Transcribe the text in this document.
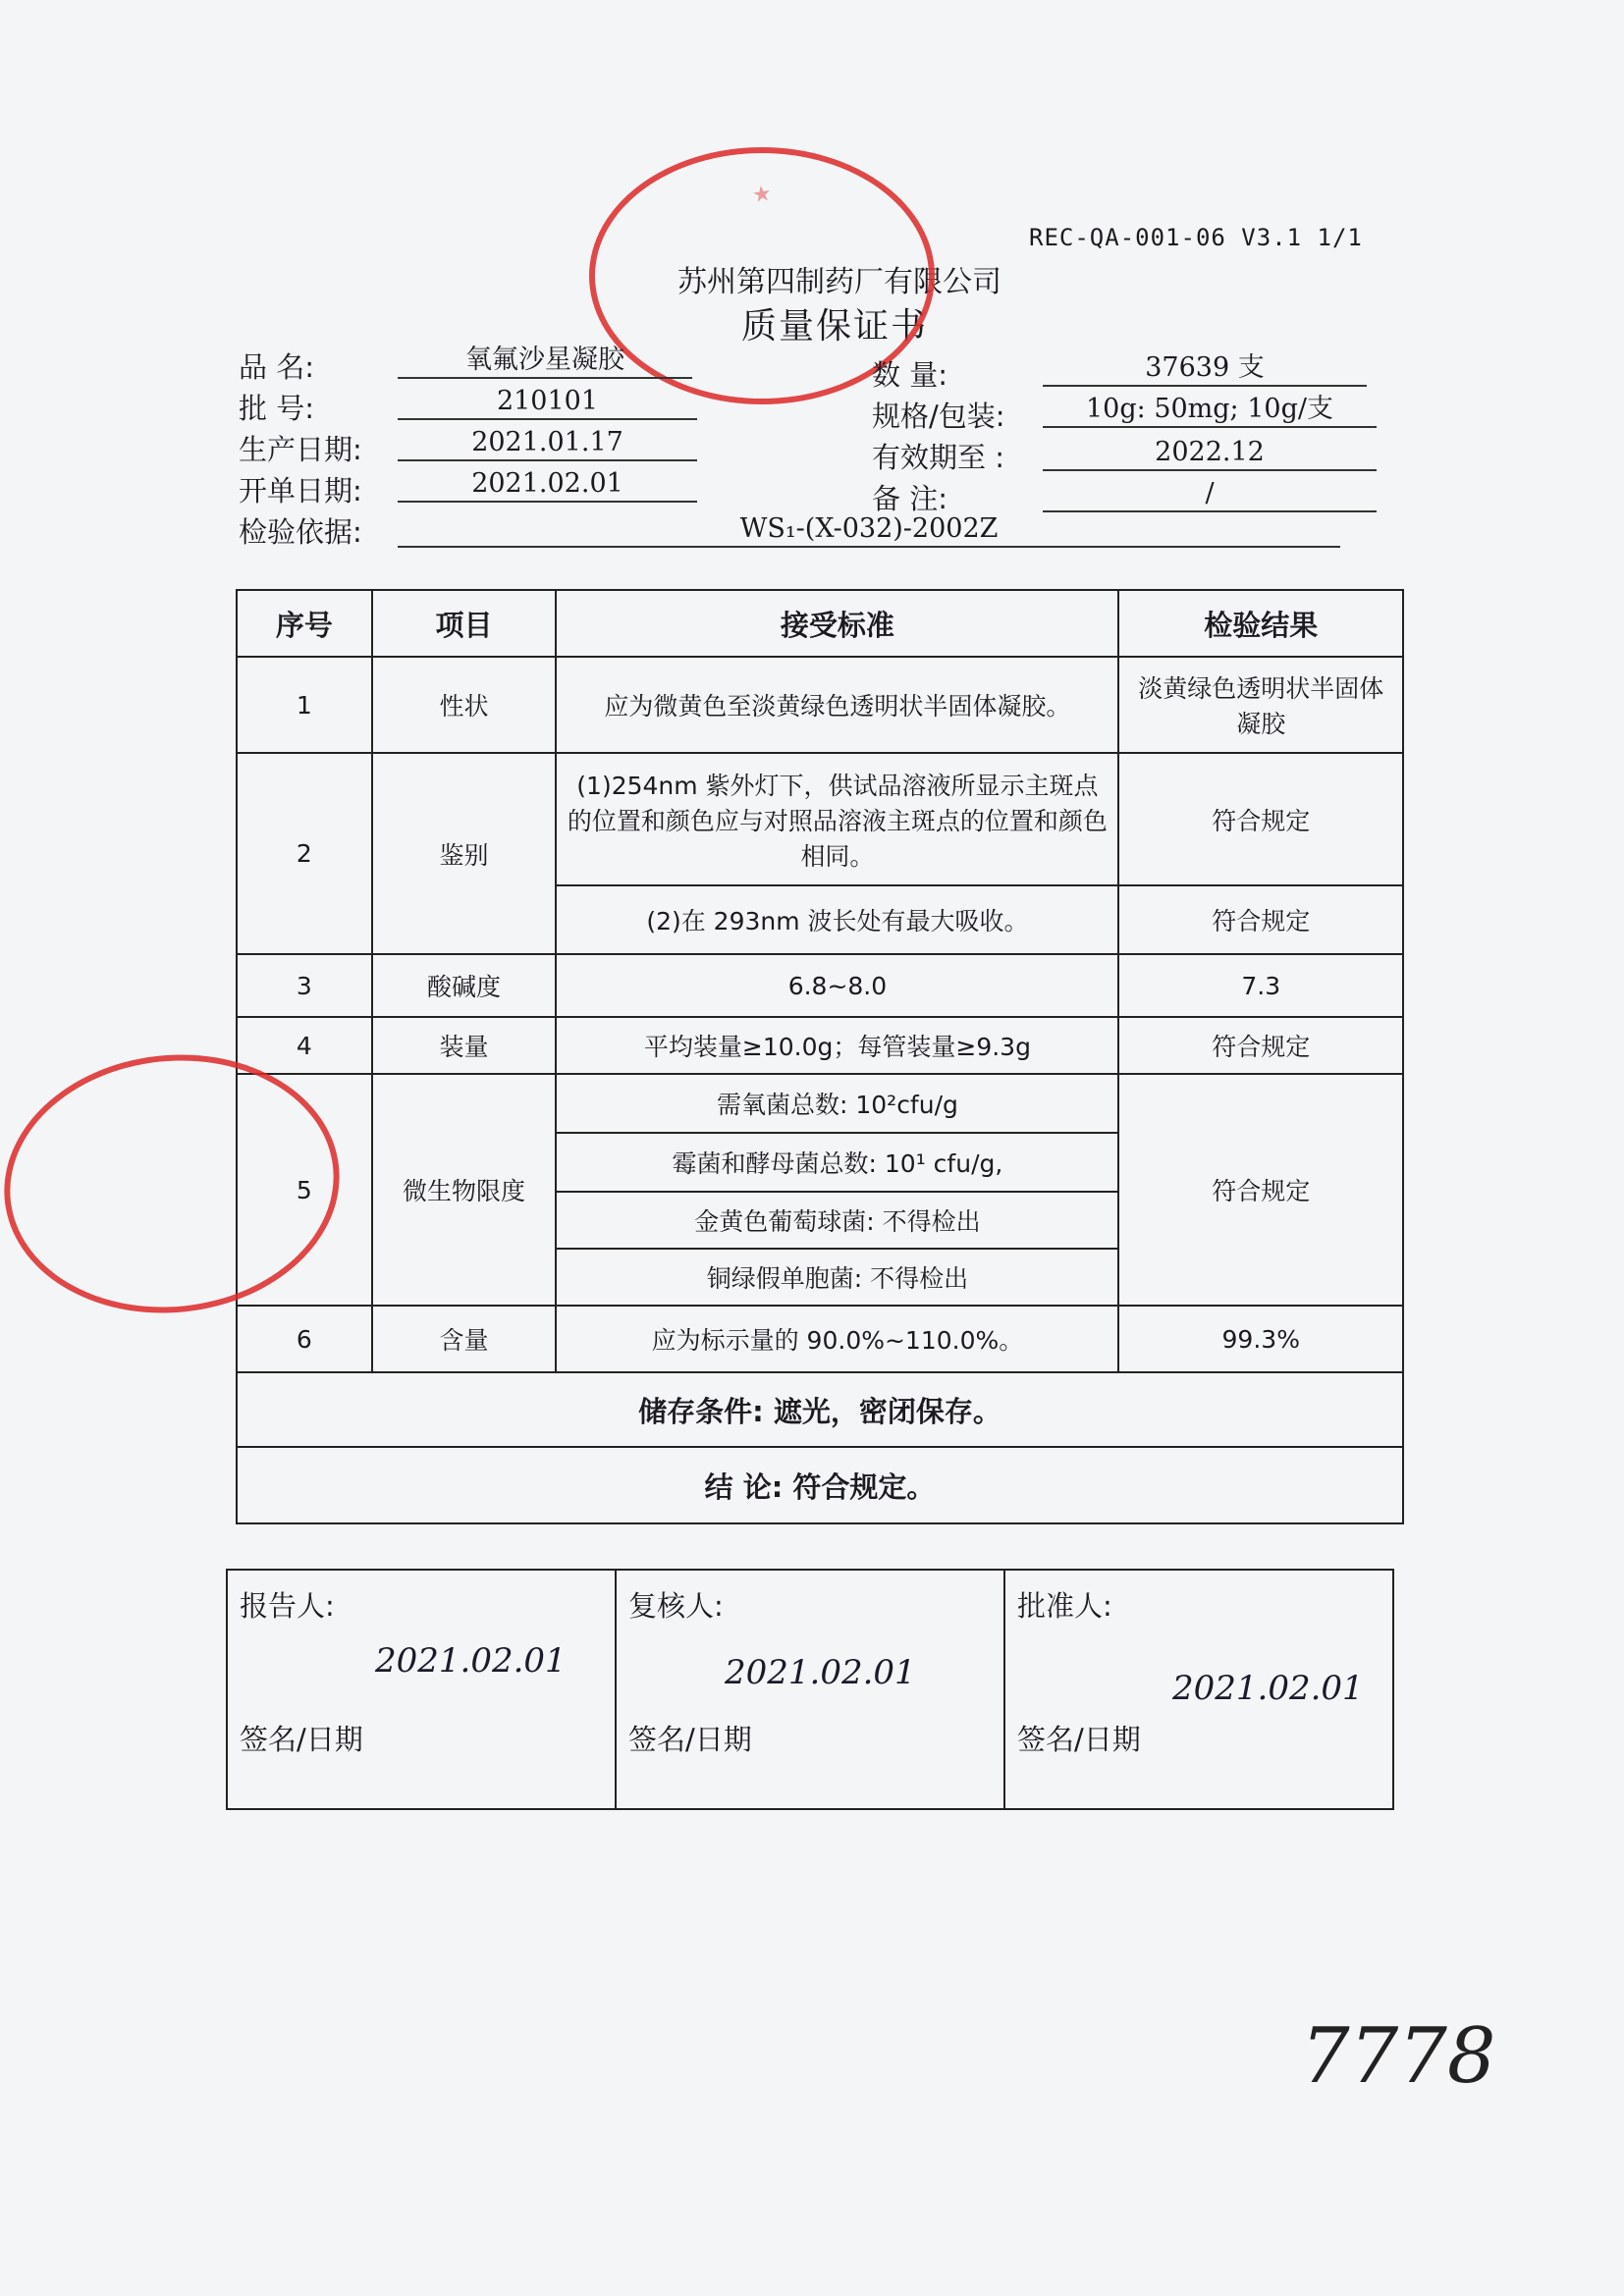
REC-QA-001-06 V3.1 1/1
苏州第四制药厂有限公司
质量保证书
★
品 名:	氧氟沙星凝胶
批 号:	210101
生产日期:	2021.01.17
开单日期:	2021.02.01
检验依据:	WS₁-(X-032)-2002Z
数 量:	37639 支
规格/包装:	10g: 50mg; 10g/支
有效期至 :	2022.12
备 注:	/
序号	项目	接受标准	检验结果
1	性状	应为微黄色至淡黄绿色透明状半固体凝胶。	淡黄绿色透明状半固体凝胶
2	鉴别	(1)254nm 紫外灯下，供试品溶液所显示主斑点的位置和颜色应与对照品溶液主斑点的位置和颜色相同。	符合规定
		(2)在 293nm 波长处有最大吸收。	符合规定
3	酸碱度	6.8~8.0	7.3
4	装量	平均装量≥10.0g；每管装量≥9.3g	符合规定
5	微生物限度	需氧菌总数: 10²cfu/g	符合规定
		霉菌和酵母菌总数: 10¹ cfu/g,	
		金黄色葡萄球菌: 不得检出	
		铜绿假单胞菌: 不得检出	
6	含量	应为标示量的 90.0%~110.0%。	99.3%
储存条件: 遮光，密闭保存。			
结 论: 符合规定。			
报告人:
2021.02.01
签名/日期

复核人:
2021.02.01
签名/日期

批准人:
2021.02.01
签名/日期
7778
